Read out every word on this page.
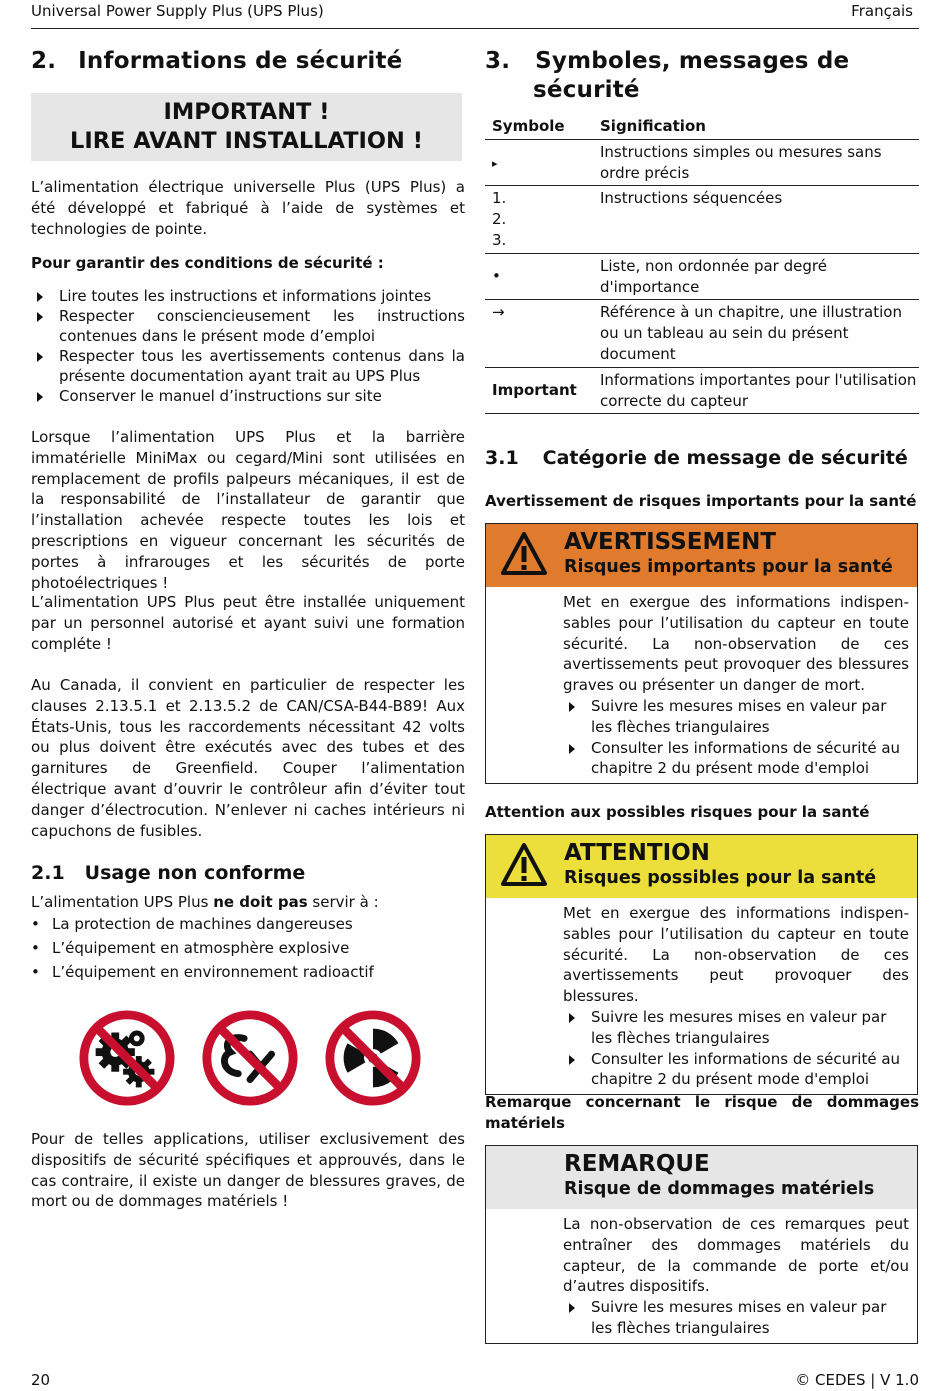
Universal Power Supply Plus (UPS Plus)	Français
2. Informations de sécurité
IMPORTANT !
LIRE AVANT INSTALLATION !

L’alimentation électrique universelle Plus (UPS Plus) a été développé et fabriqué à l’aide de systèmes et technologies de pointe.

Pour garantir des conditions de sécurité :

Lire toutes les instructions et informations jointes
Respecter consciencieusement les instructions contenues dans le présent mode d’emploi
Respecter tous les avertissements contenus dans la présente documentation ayant trait au UPS Plus
Conserver le manuel d’instructions sur site

Lorsque l’alimentation UPS Plus et la barrière immatérielle MiniMax ou cegard/Mini sont utilisées en remplacement de profils palpeurs mécaniques, il est de la responsabilité de l’installateur de garantir que l’installation achevée respecte toutes les lois et prescriptions en vigueur concernant les sécurités de portes à infrarouges et les sécurités de porte photoélectriques !

L’alimentation UPS Plus peut être installée uniquement par un personnel autorisé et ayant suivi une formation compléte !

Au Canada, il convient en particulier de respecter les clauses 2.13.5.1 et 2.13.5.2 de CAN/CSA-B44-B89! Aux États-Unis, tous les raccordements nécessitant 42 volts ou plus doivent être exécutés avec des tubes et des garnitures de Greenfield. Couper l’alimentation électrique avant d’ouvrir le contrôleur afin d’éviter tout danger d’électrocution. N’enlever ni caches intérieurs ni capuchons de fusibles.

2.1 Usage non conforme

L’alimentation UPS Plus ne doit pas servir à :

• La protection de machines dangereuses
• L’équipement en atmosphère explosive
• L’équipement en environnement radioactif

Pour de telles applications, utiliser exclusivement des dispositifs de sécurité spécifiques et approuvés, dans le cas contraire, il existe un danger de blessures graves, de mort ou de dommages matériels !

3. Symboles, messages de
sécurité
Symbole	Signification
▸	Instructions simples ou mesures sans ordre précis
1.
2.
3.	Instructions séquencées
•	Liste, non ordonnée par degré d'importance
→	Référence à un chapitre, une illustration ou un tableau au sein du présent document
Important	Informations importantes pour l'utilisation correcte du capteur
3.1 Catégorie de message de sécurité

Avertissement de risques importants pour la santé

AVERTISSEMENT
Risques importants pour la santé

Met en exergue des informations indispensables pour l’utilisation du capteur en toute sécurité. La non-observation de ces avertissements peut provoquer des blessures graves ou présenter un danger de mort.

Suivre les mesures mises en valeur par les flèches triangulaires
Consulter les informations de sécurité au chapitre 2 du présent mode d'emploi

Attention aux possibles risques pour la santé

ATTENTION
Risques possibles pour la santé

Met en exergue des informations indispensables pour l’utilisation du capteur en toute sécurité. La non-observation de ces avertissements peut provoquer des blessures.

Suivre les mesures mises en valeur par les flèches triangulaires
Consulter les informations de sécurité au chapitre 2 du présent mode d'emploi

Remarque concernant le risque de dommages matériels

REMARQUE
Risque de dommages matériels

La non-observation de ces remarques peut entraîner des dommages matériels du capteur, de la commande de porte et/ou d’autres dispositifs.

Suivre les mesures mises en valeur par les flèches triangulaires
20	© CEDES | V 1.0
